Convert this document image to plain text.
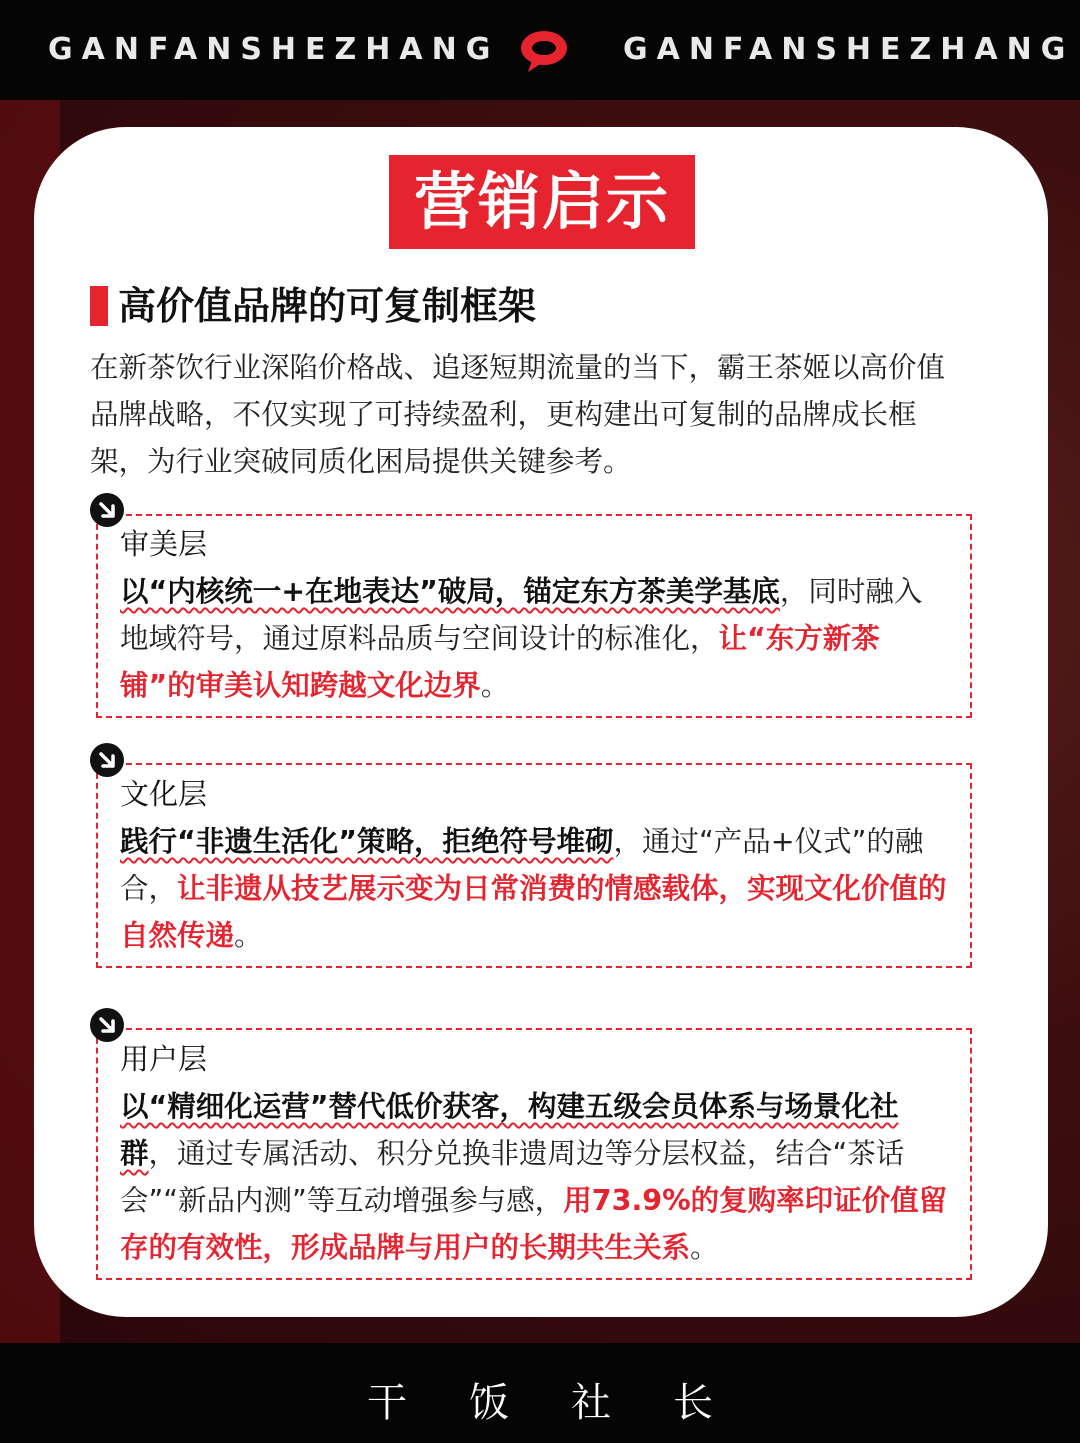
GANFANSHEZHANG	GANFANSHEZHANG
营销启示
高价值品牌的可复制框架
在新茶饮行业深陷价格战、追逐短期流量的当下，霸王茶姬以高价值品牌战略，不仅实现了可持续盈利，更构建出可复制的品牌成长框架，为行业突破同质化困局提供关键参考。
审美层
以“内核统一+在地表达”破局，锚定东方茶美学基底，同时融入地域符号，通过原料品质与空间设计的标准化，让“东方新茶铺”的审美认知跨越文化边界。
文化层
践行“非遗生活化”策略，拒绝符号堆砌，通过“产品+仪式”的融合，让非遗从技艺展示变为日常消费的情感载体，实现文化价值的自然传递。
用户层
以“精细化运营”替代低价获客，构建五级会员体系与场景化社群，通过专属活动、积分兑换非遗周边等分层权益，结合“茶话会”“新品内测”等互动增强参与感，用73.9%的复购率印证价值留存的有效性，形成品牌与用户的长期共生关系。
干饭社长
